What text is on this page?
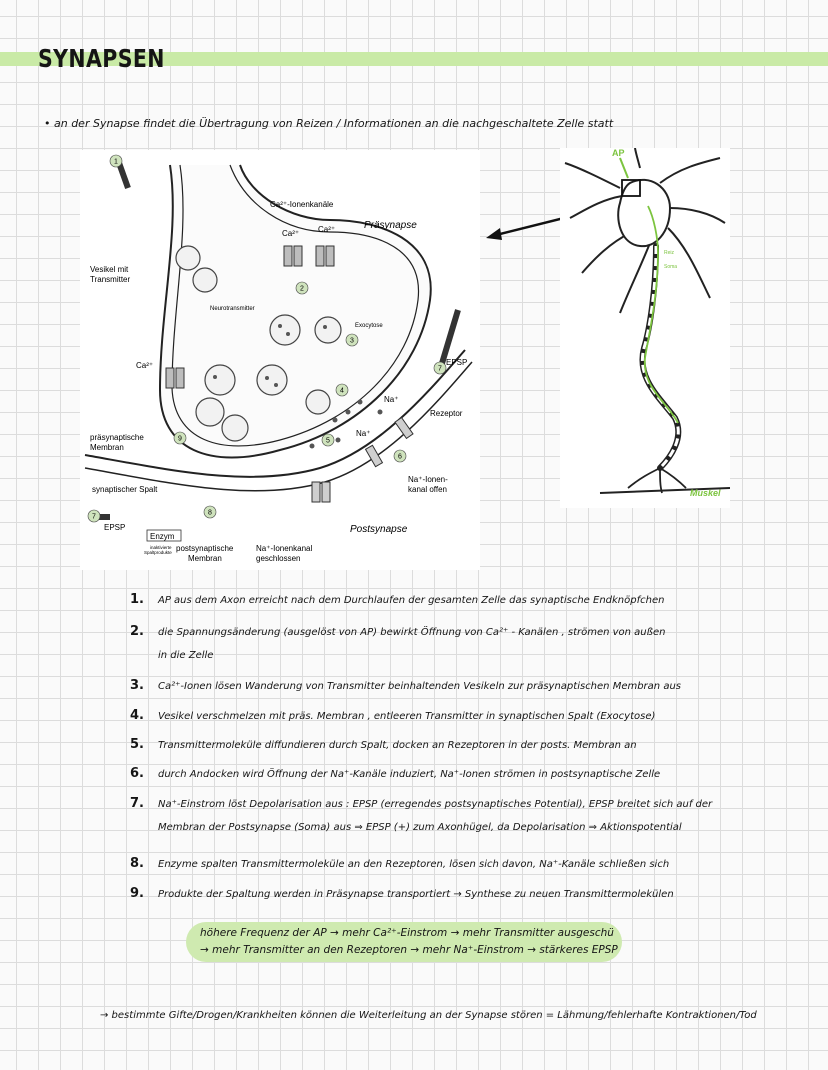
SYNAPSEN
• an der Synapse findet die Übertragung von Reizen / Informationen an die nachgeschaltete Zelle statt
Ca²⁺-Ionenkanäle
Ca²⁺ Ca²⁺
Ca²⁺
Präsynapse
Vesikel mit
Transmitter
Neurotransmitter
Exocytose
EPSP
Na⁺
Na⁺
Rezeptor
präsynaptische
Membran
Na⁺-Ionen-
kanal offen
synaptischer Spalt
EPSP
Enzym
inaktivierte
Spaltprodukte postsynaptische
Membran
Na⁺-Ionenkanal
geschlossen
Postsynapse
1
2
3
4
5
6
7
7
8
9
AP
Reiz
Soma
Muskel
1. AP aus dem Axon erreicht nach dem Durchlaufen der gesamten Zelle das synaptische Endknöpfchen
2. die Spannungsänderung (ausgelöst von AP) bewirkt Öffnung von Ca²⁺ - Kanälen , strömen von außen
in die Zelle
3. Ca²⁺-Ionen lösen Wanderung von Transmitter beinhaltenden Vesikeln zur präsynaptischen Membran aus
4. Vesikel verschmelzen mit präs. Membran , entleeren Transmitter in synaptischen Spalt (Exocytose)
5. Transmittermoleküle diffundieren durch Spalt, docken an Rezeptoren in der posts. Membran an
6. durch Andocken wird Öffnung der Na⁺-Kanäle induziert, Na⁺-Ionen strömen in postsynaptische Zelle
7. Na⁺-Einstrom löst Depolarisation aus : EPSP (erregendes postsynaptisches Potential), EPSP breitet sich auf der
Membran der Postsynapse (Soma) aus ⇒ EPSP (+) zum Axonhügel, da Depolarisation ⇒ Aktionspotential
8. Enzyme spalten Transmittermoleküle an den Rezeptoren, lösen sich davon, Na⁺-Kanäle schließen sich
9. Produkte der Spaltung werden in Präsynapse transportiert → Synthese zu neuen Transmittermolekülen
höhere Frequenz der AP → mehr Ca²⁺-Einstrom → mehr Transmitter ausgeschü
→ mehr Transmitter an den Rezeptoren → mehr Na⁺-Einstrom → stärkeres EPSP
→ bestimmte Gifte/Drogen/Krankheiten können die Weiterleitung an der Synapse stören = Lähmung/fehlerhafte Kontraktionen/Tod
